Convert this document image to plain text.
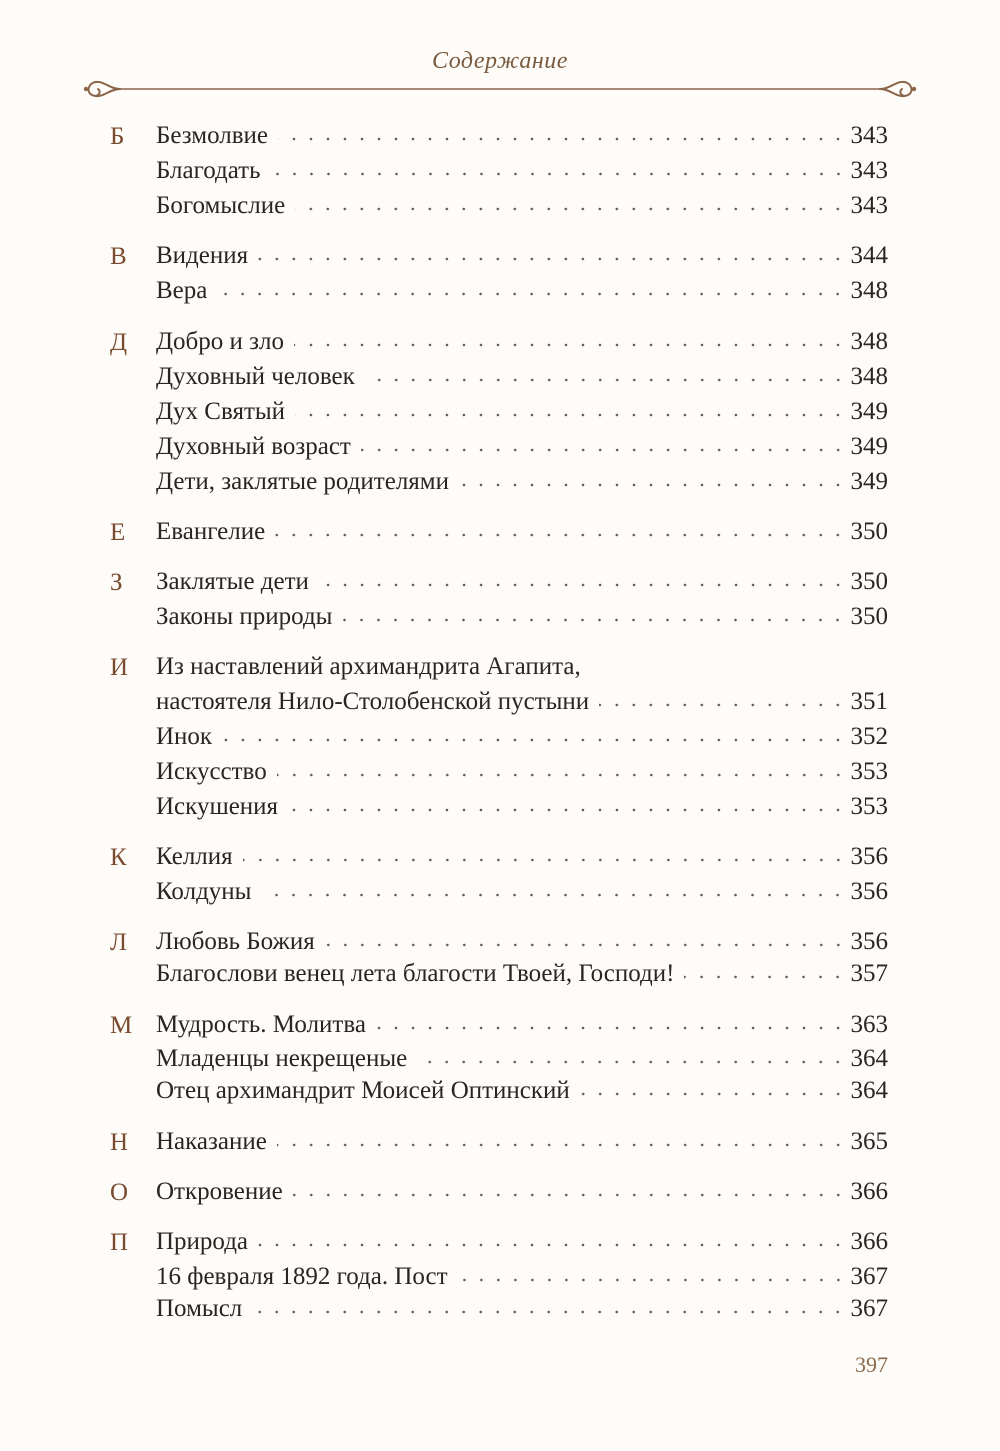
Содержание
Б	Безмолвие	343
Благодать	343
Богомыслие	343
В Видения	344
Вера	348
Д Добро и зло	348
Духовный человек	348
Дух Святый	349
Духовный возраст	349
Дети, заклятые родителями	349
Е	Евангелие	350
З	Заклятые дети	350
Законы природы	350
И Из наставлений архимандрита Агапита,
настоятеля Нило-Столобенской пустыни	351
Инок	352
Искусство	353
Искушения	353
К Келлия	356
Колдуны	356
Л Любовь Божия	356
Благослови венец лета благости Твоей, Господи!	357
М Мудрость. Молитва	363
Младенцы некрещеные	364
Отец архимандрит Моисей Оптинский	364
Н Наказание	365
О Откровение	366
П Природа	366
16 февраля 1892 года. Пост	367
Помысл	367
397
